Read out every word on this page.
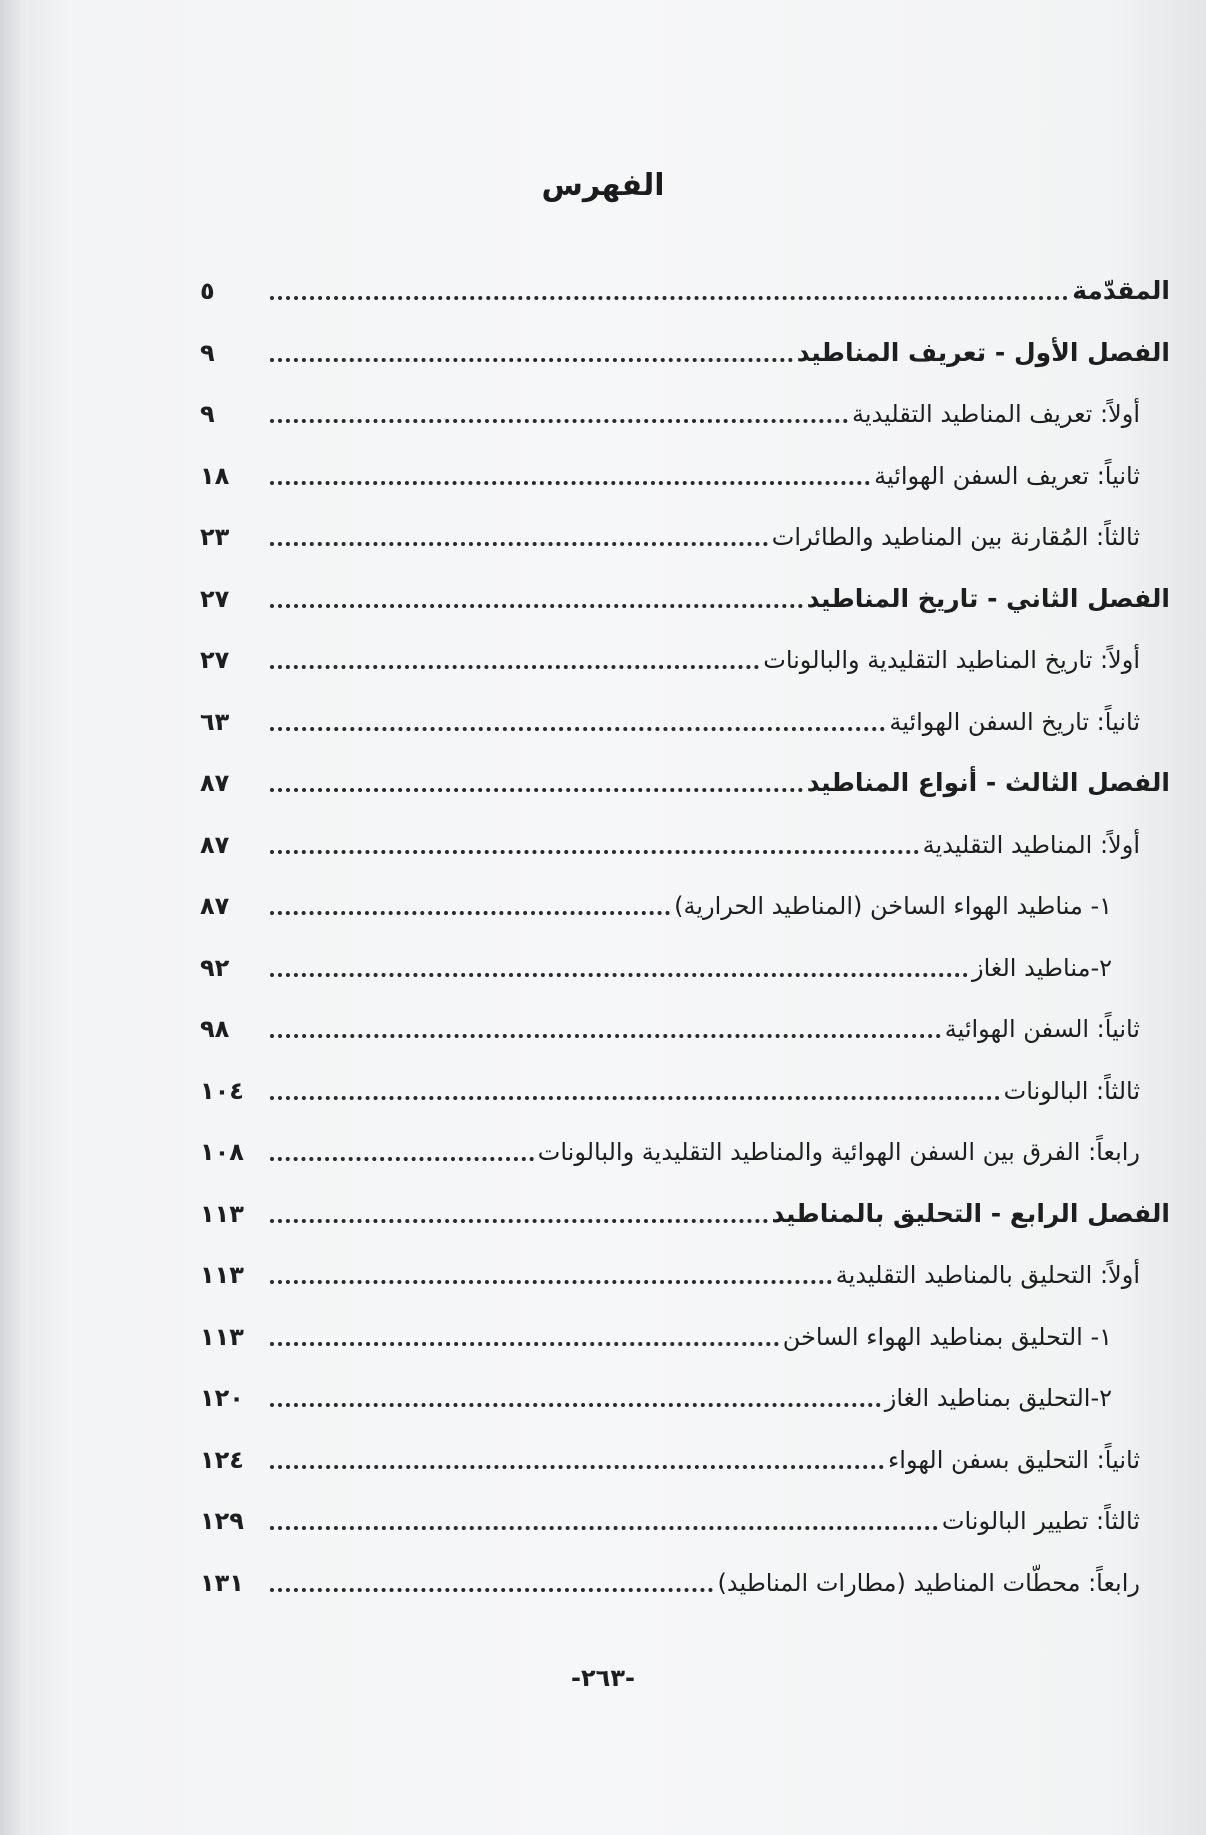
الفهرس
المقدّمة
٥
الفصل الأول - تعريف المناطيد
٩
أولاً: تعريف المناطيد التقليدية
٩
ثانياً: تعريف السفن الهوائية
١٨
ثالثاً: المُقارنة بين المناطيد والطائرات
٢٣
الفصل الثاني - تاريخ المناطيد
٢٧
أولاً: تاريخ المناطيد التقليدية والبالونات
٢٧
ثانياً: تاريخ السفن الهوائية
٦٣
الفصل الثالث - أنواع المناطيد
٨٧
أولاً: المناطيد التقليدية
٨٧
١- مناطيد الهواء الساخن (المناطيد الحرارية)
٨٧
٢-مناطيد الغاز
٩٢
ثانياً: السفن الهوائية
٩٨
ثالثاً: البالونات
١٠٤
رابعاً: الفرق بين السفن الهوائية والمناطيد التقليدية والبالونات
١٠٨
الفصل الرابع - التحليق بالمناطيد
١١٣
أولاً: التحليق بالمناطيد التقليدية
١١٣
١- التحليق بمناطيد الهواء الساخن
١١٣
٢-التحليق بمناطيد الغاز
١٢٠
ثانياً: التحليق بسفن الهواء
١٢٤
ثالثاً: تطيير البالونات
١٢٩
رابعاً: محطّات المناطيد (مطارات المناطيد)
١٣١
-٢٦٣-
